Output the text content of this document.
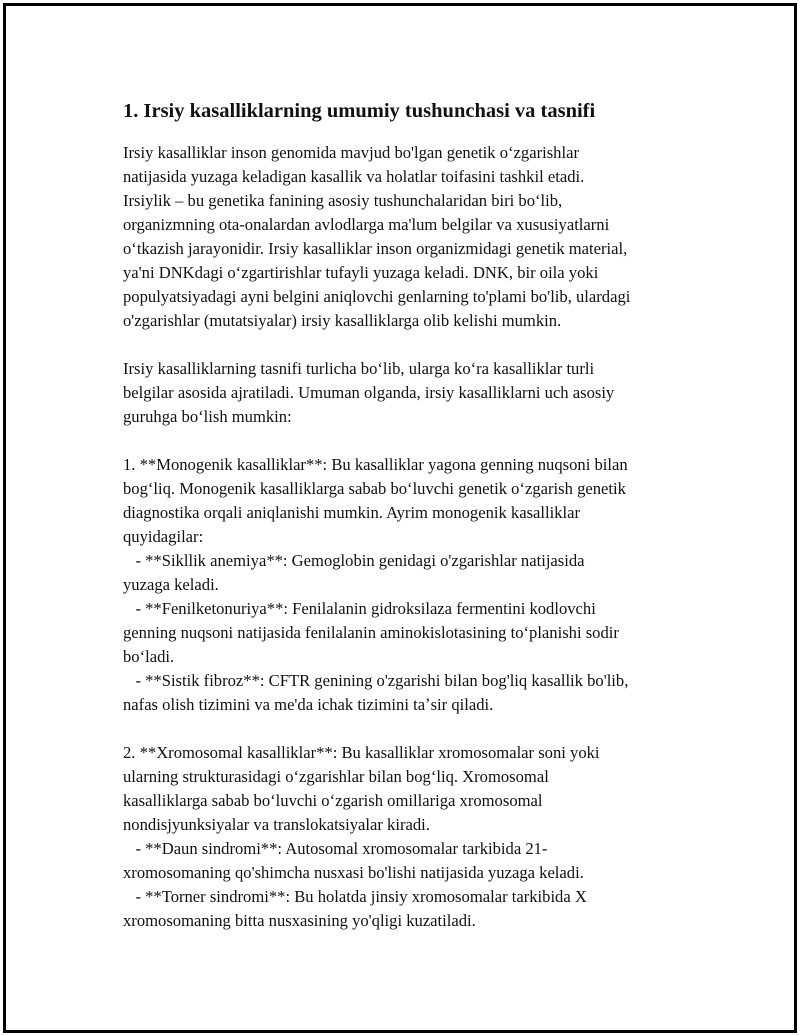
1. Irsiy kasalliklarning umumiy tushunchasi va tasnifi
Irsiy kasalliklar inson genomida mavjud bo'lgan genetik o‘zgarishlar
natijasida yuzaga keladigan kasallik va holatlar toifasini tashkil etadi.
Irsiylik – bu genetika fanining asosiy tushunchalaridan biri bo‘lib,
organizmning ota-onalardan avlodlarga ma'lum belgilar va xususiyatlarni
o‘tkazish jarayonidir. Irsiy kasalliklar inson organizmidagi genetik material,
ya'ni DNKdagi o‘zgartirishlar tufayli yuzaga keladi. DNK, bir oila yoki
populyatsiyadagi ayni belgini aniqlovchi genlarning to'plami bo'lib, ulardagi
o'zgarishlar (mutatsiyalar) irsiy kasalliklarga olib kelishi mumkin.
Irsiy kasalliklarning tasnifi turlicha bo‘lib, ularga ko‘ra kasalliklar turli
belgilar asosida ajratiladi. Umuman olganda, irsiy kasalliklarni uch asosiy
guruhga bo‘lish mumkin:
1. **Monogenik kasalliklar**: Bu kasalliklar yagona genning nuqsoni bilan
bog‘liq. Monogenik kasalliklarga sabab bo‘luvchi genetik o‘zgarish genetik
diagnostika orqali aniqlanishi mumkin. Ayrim monogenik kasalliklar
quyidagilar:
- **Sikllik anemiya**: Gemoglobin genidagi o'zgarishlar natijasida
yuzaga keladi.
- **Fenilketonuriya**: Fenilalanin gidroksilaza fermentini kodlovchi
genning nuqsoni natijasida fenilalanin aminokislotasining to‘planishi sodir
bo‘ladi.
- **Sistik fibroz**: CFTR genining o'zgarishi bilan bog'liq kasallik bo'lib,
nafas olish tizimini va me'da ichak tizimini taʼsir qiladi.
2. **Xromosomal kasalliklar**: Bu kasalliklar xromosomalar soni yoki
ularning strukturasidagi o‘zgarishlar bilan bog‘liq. Xromosomal
kasalliklarga sabab bo‘luvchi o‘zgarish omillariga xromosomal
nondisjyunksiyalar va translokatsiyalar kiradi.
- **Daun sindromi**: Autosomal xromosomalar tarkibida 21-
xromosomaning qo'shimcha nusxasi bo'lishi natijasida yuzaga keladi.
- **Torner sindromi**: Bu holatda jinsiy xromosomalar tarkibida X
xromosomaning bitta nusxasining yo'qligi kuzatiladi.
